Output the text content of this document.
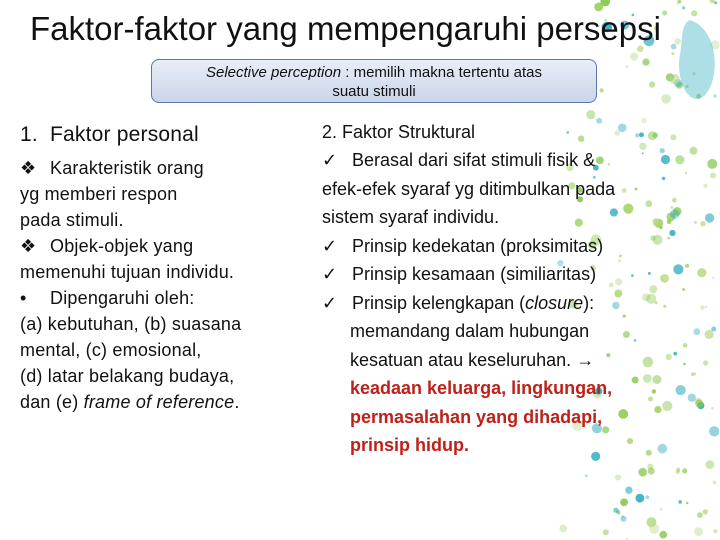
Faktor-faktor yang mempengaruhi persepsi
Selective perception : memilih makna tertentu atas
suatu stimuli
1. Faktor personal
❖ Karakteristik orang
yg memberi respon
pada stimuli.
❖ Objek-objek yang
memenuhi tujuan individu.
• Dipengaruhi oleh:
(a) kebutuhan, (b) suasana
mental, (c) emosional,
(d) latar belakang budaya,
dan (e) frame of reference.
2. Faktor Struktural
✓ Berasal dari sifat stimuli fisik &
efek-efek syaraf yg ditimbulkan pada
sistem syaraf individu.
✓ Prinsip kedekatan (proksimitas)
✓ Prinsip kesamaan (similiaritas)
✓ Prinsip kelengkapan (closure):
memandang dalam hubungan
kesatuan atau keseluruhan. →
keadaan keluarga, lingkungan,
permasalahan yang dihadapi,
prinsip hidup.
